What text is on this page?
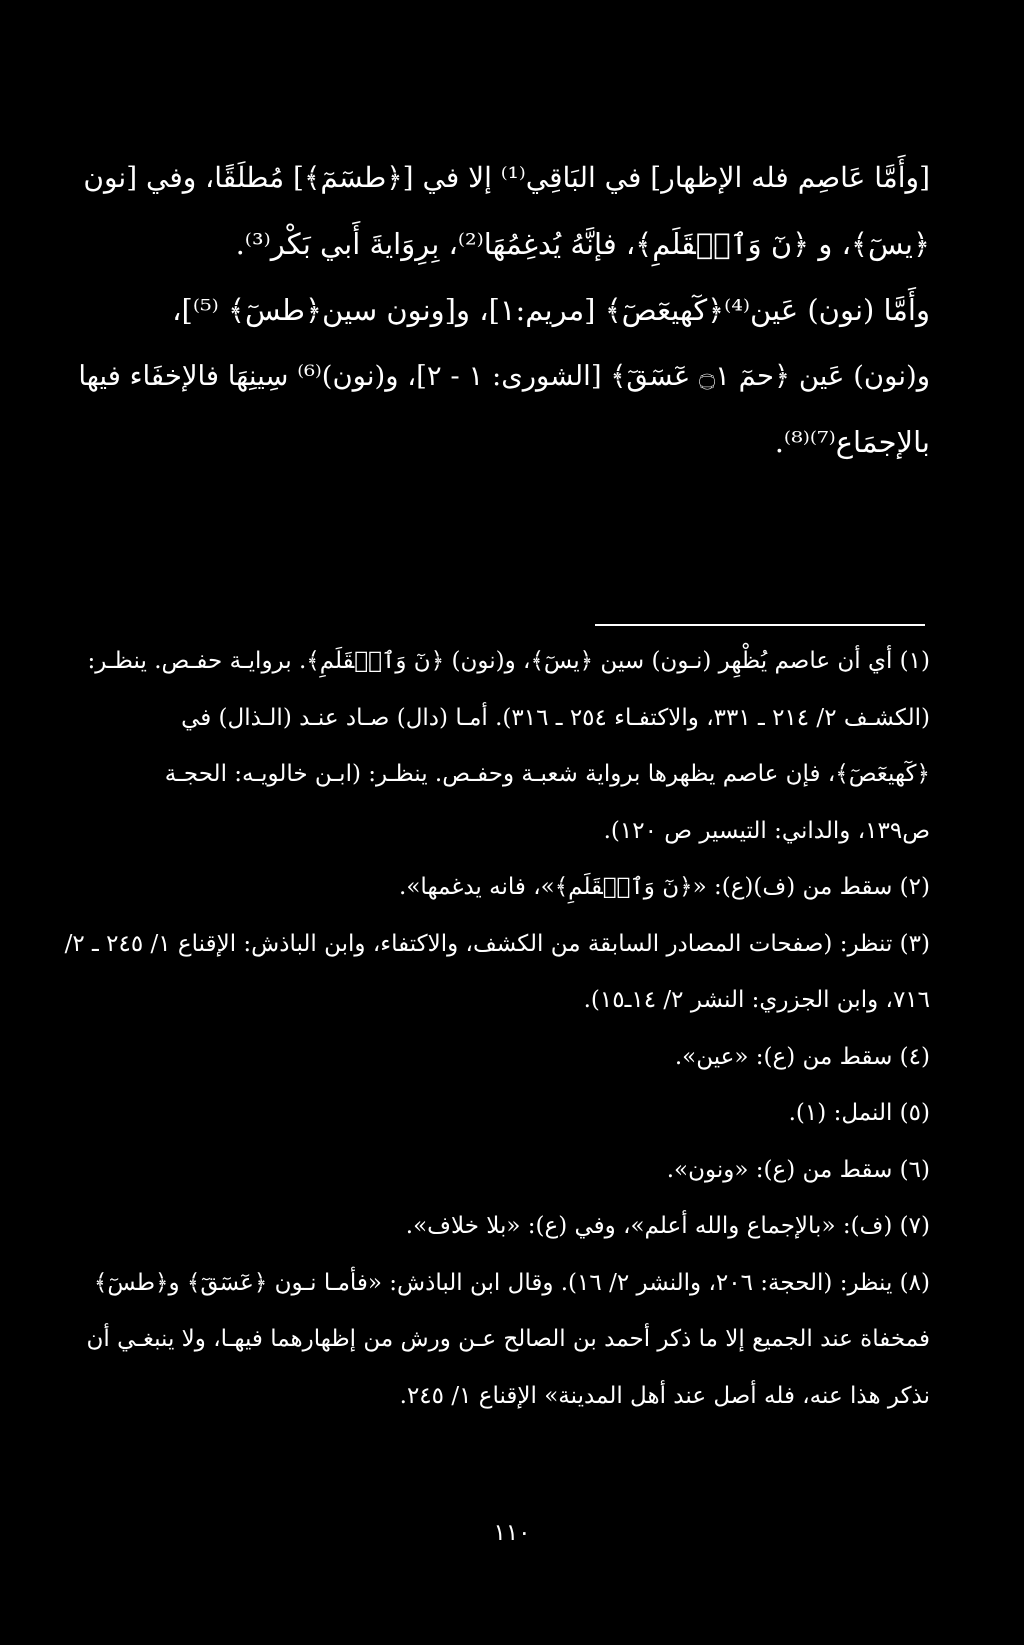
[وأَمَّا عَاصِم فله الإظهار] في البَاقِي⁽¹⁾ إلا في [﴿طسٓمٓ﴾] مُطلَقًا، وفي [نون
﴿يسٓ﴾، و ﴿نٓ وَٱلۡقَلَمِ﴾، فإنَّهُ يُدغِمُهَا⁽²⁾، بِرِوَايةَ أَبي بَكْر⁽³⁾.
وأَمَّا (نون) عَين⁽⁴⁾﴿كٓهيعٓصٓ﴾ [مريم:١]، و[ونون سين﴿طسٓ﴾ ⁽⁵⁾]،
و(نون) عَين ﴿حمٓ ۝١ عٓسٓقٓ﴾ [الشورى: ١ - ٢]، و(نون)⁽⁶⁾ سِينِهَا فالإخفَاء فيها
بالإجمَاع⁽⁷⁾⁽⁸⁾.
(١) أي أن عاصم يُظْهِر (نـون) سين ﴿يسٓ﴾، و(نون) ﴿نٓ وَٱلۡقَلَمِ﴾. بروايـة حفـص. ينظـر:
(الكشـف ٢/ ٢١٤ ـ ٣٣١، والاكتفـاء ٢٥٤ ـ ٣١٦). أمـا (دال) صـاد عنـد (الـذال) في
﴿كٓهيعٓصٓ﴾، فإن عاصم يظهرها برواية شعبـة وحفـص. ينظـر: (ابـن خالويـه: الحجـة
ص١٣٩، والداني: التيسير ص ١٢٠).
(٢) سقط من (ف)(ع): «﴿نٓ وَٱلۡقَلَمِ﴾»، فانه يدغمها».
(٣) تنظر: (صفحات المصادر السابقة من الكشف، والاكتفاء، وابن الباذش: الإقناع ١/ ٢٤٥ ـ ٢/
٧١٦، وابن الجزري: النشر ٢/ ١٤ـ١٥).
(٤) سقط من (ع): «عين».
(٥) النمل: (١).
(٦) سقط من (ع): «ونون».
(٧) (ف): «بالإجماع والله أعلم»، وفي (ع): «بلا خلاف».
(٨) ينظر: (الحجة: ٢٠٦، والنشر ٢/ ١٦). وقال ابن الباذش: «فأمـا نـون ﴿عٓسٓقٓ﴾ و﴿طسٓ﴾
فمخفاة عند الجميع إلا ما ذكر أحمد بن الصالح عـن ورش من إظهارهما فيهـا، ولا ينبغـي أن
نذكر هذا عنه، فله أصل عند أهل المدينة» الإقناع ١/ ٢٤٥.
١١٠
